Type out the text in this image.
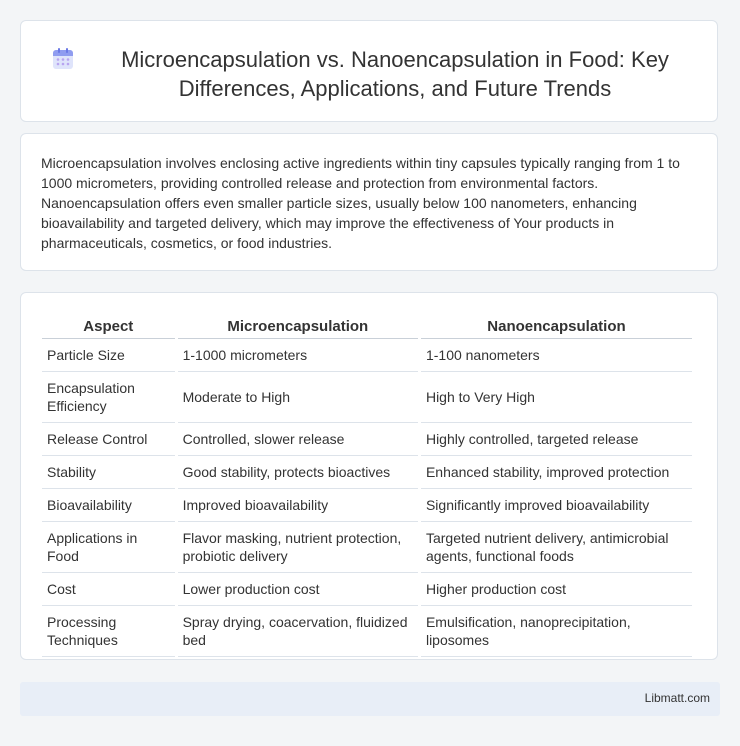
Microencapsulation vs. Nanoencapsulation in Food: Key Differences, Applications, and Future Trends
Microencapsulation involves enclosing active ingredients within tiny capsules typically ranging from 1 to 1000 micrometers, providing controlled release and protection from environmental factors. Nanoencapsulation offers even smaller particle sizes, usually below 100 nanometers, enhancing bioavailability and targeted delivery, which may improve the effectiveness of Your products in pharmaceuticals, cosmetics, or food industries.
Aspect	Microencapsulation	Nanoencapsulation
Particle Size	1-1000 micrometers	1-100 nanometers
Encapsulation Efficiency	Moderate to High	High to Very High
Release Control	Controlled, slower release	Highly controlled, targeted release
Stability	Good stability, protects bioactives	Enhanced stability, improved protection
Bioavailability	Improved bioavailability	Significantly improved bioavailability
Applications in Food	Flavor masking, nutrient protection, probiotic delivery	Targeted nutrient delivery, antimicrobial agents, functional foods
Cost	Lower production cost	Higher production cost
Processing Techniques	Spray drying, coacervation, fluidized bed	Emulsification, nanoprecipitation, liposomes
Libmatt.com
